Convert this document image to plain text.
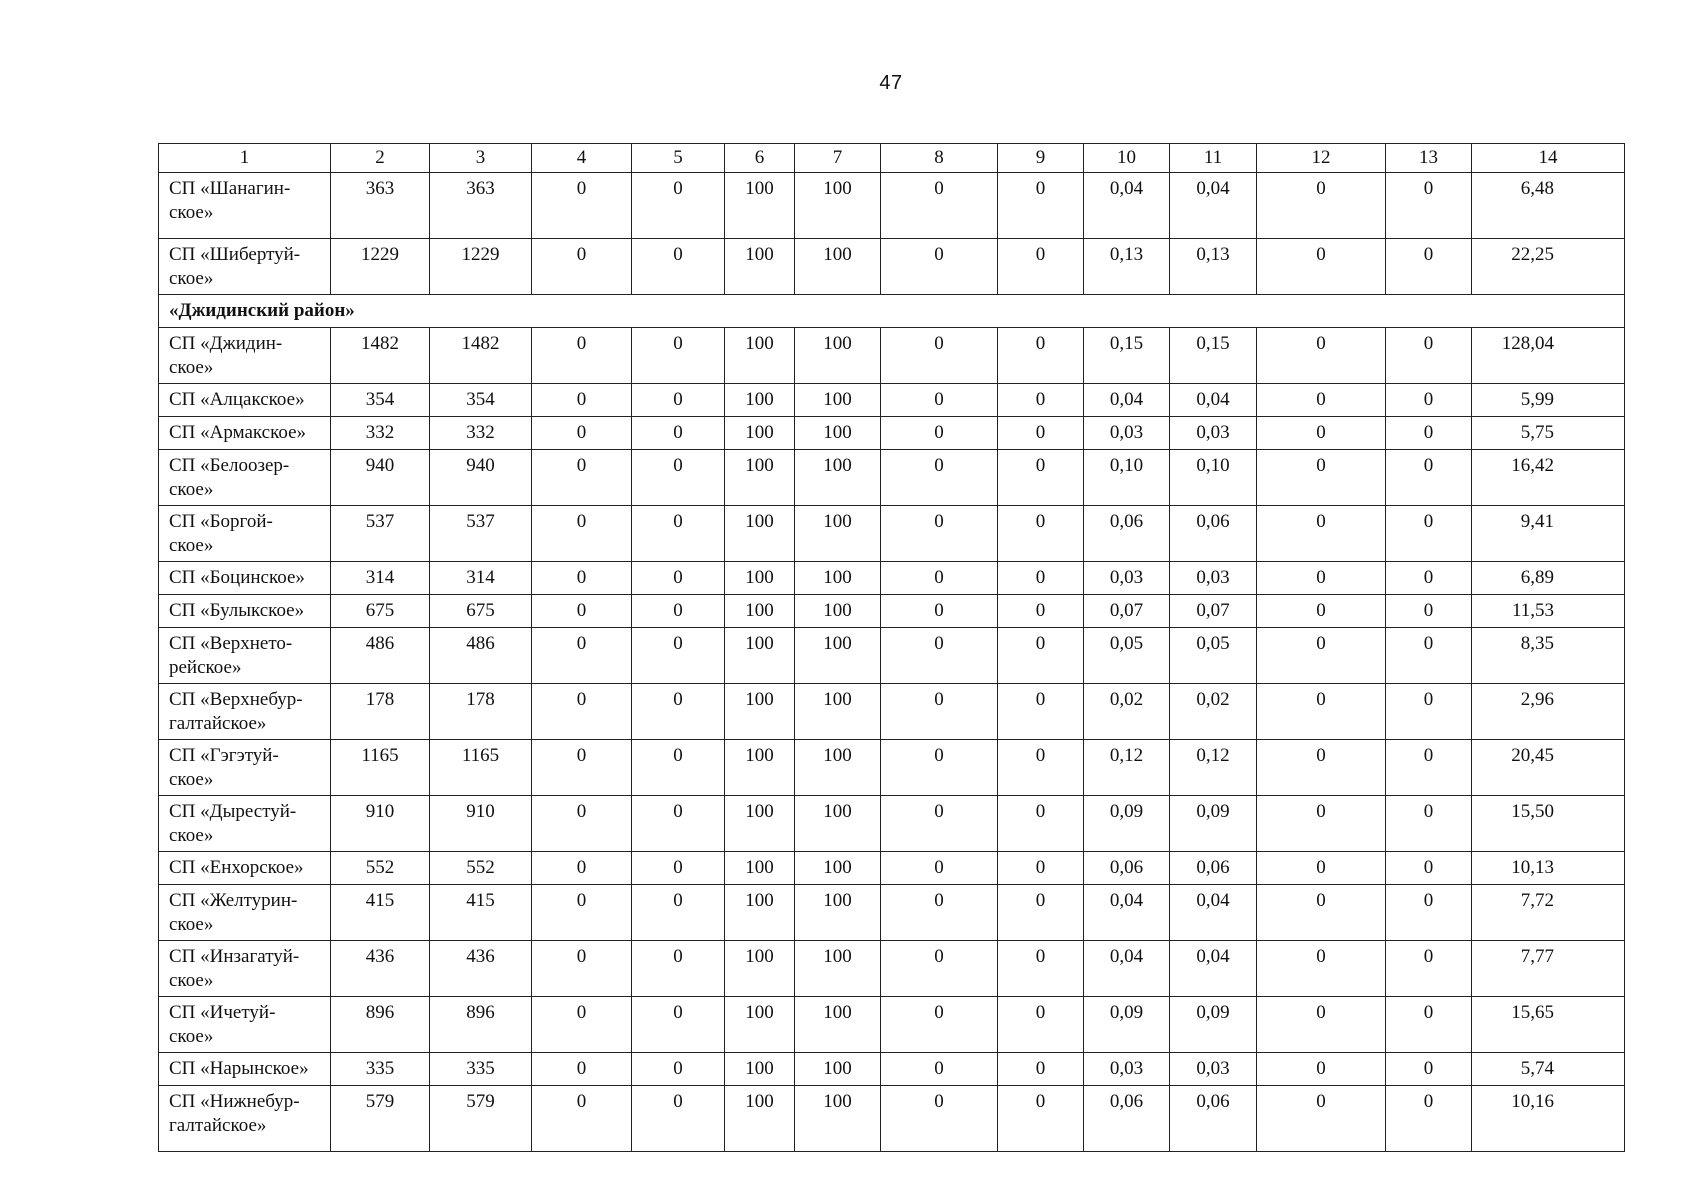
47
1	2	3	4	5	6	7	8	9	10	11	12	13	14
СП «Шанагин-
ское»	363	363	0	0	100	100	0	0	0,04	0,04	0	0	6,48
СП «Шибертуй-
ское»	1229	1229	0	0	100	100	0	0	0,13	0,13	0	0	22,25
«Джидинский район»													
СП «Джидин-
ское»	1482	1482	0	0	100	100	0	0	0,15	0,15	0	0	128,04
СП «Алцакское»	354	354	0	0	100	100	0	0	0,04	0,04	0	0	5,99
СП «Армакское»	332	332	0	0	100	100	0	0	0,03	0,03	0	0	5,75
СП «Белоозер-
ское»	940	940	0	0	100	100	0	0	0,10	0,10	0	0	16,42
СП «Боргой-
ское»	537	537	0	0	100	100	0	0	0,06	0,06	0	0	9,41
СП «Боцинское»	314	314	0	0	100	100	0	0	0,03	0,03	0	0	6,89
СП «Булыкское»	675	675	0	0	100	100	0	0	0,07	0,07	0	0	11,53
СП «Верхнето-
рейское»	486	486	0	0	100	100	0	0	0,05	0,05	0	0	8,35
СП «Верхнебур-
галтайское»	178	178	0	0	100	100	0	0	0,02	0,02	0	0	2,96
СП «Гэгэтуй-
ское»	1165	1165	0	0	100	100	0	0	0,12	0,12	0	0	20,45
СП «Дырестуй-
ское»	910	910	0	0	100	100	0	0	0,09	0,09	0	0	15,50
СП «Енхорское»	552	552	0	0	100	100	0	0	0,06	0,06	0	0	10,13
СП «Желтурин-
ское»	415	415	0	0	100	100	0	0	0,04	0,04	0	0	7,72
СП «Инзагатуй-
ское»	436	436	0	0	100	100	0	0	0,04	0,04	0	0	7,77
СП «Ичетуй-
ское»	896	896	0	0	100	100	0	0	0,09	0,09	0	0	15,65
СП «Нарынское»	335	335	0	0	100	100	0	0	0,03	0,03	0	0	5,74
СП «Нижнебур-
галтайское»	579	579	0	0	100	100	0	0	0,06	0,06	0	0	10,16
